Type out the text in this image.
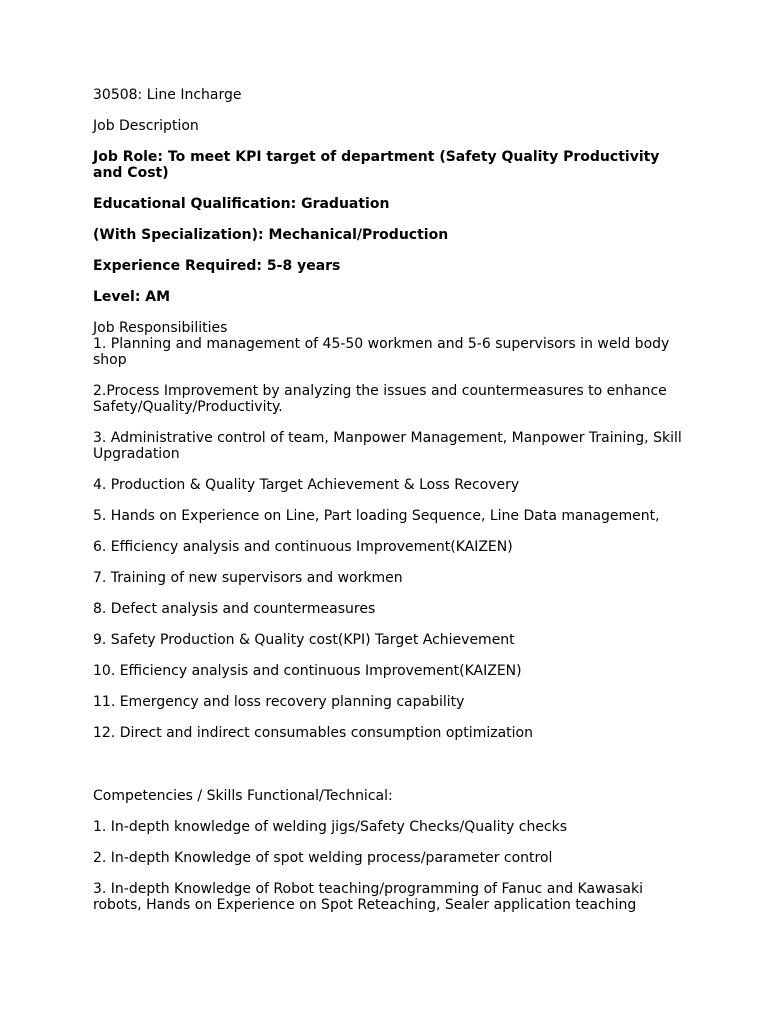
30508: Line Incharge
Job Description
Job Role: To meet KPI target of department (Safety Quality Productivity and Cost)
Educational Qualification: Graduation
(With Specialization): Mechanical/Production
Experience Required: 5-8 years
Level: AM
Job Responsibilities
1. Planning and management of 45-50 workmen and 5-6 supervisors in weld body shop
2.Process Improvement by analyzing the issues and countermeasures to enhance Safety/Quality/Productivity.
3. Administrative control of team, Manpower Management, Manpower Training, Skill Upgradation
4. Production & Quality Target Achievement & Loss Recovery
5. Hands on Experience on Line, Part loading Sequence, Line Data management,
6. Efficiency analysis and continuous Improvement(KAIZEN)
7. Training of new supervisors and workmen
8. Defect analysis and countermeasures
9. Safety Production & Quality cost(KPI) Target Achievement
10. Efficiency analysis and continuous Improvement(KAIZEN)
11. Emergency and loss recovery planning capability
12. Direct and indirect consumables consumption optimization
Competencies / Skills Functional/Technical:
1. In-depth knowledge of welding jigs/Safety Checks/Quality checks
2. In-depth Knowledge of spot welding process/parameter control
3. In-depth Knowledge of Robot teaching/programming of Fanuc and Kawasaki robots, Hands on Experience on Spot Reteaching, Sealer application teaching
